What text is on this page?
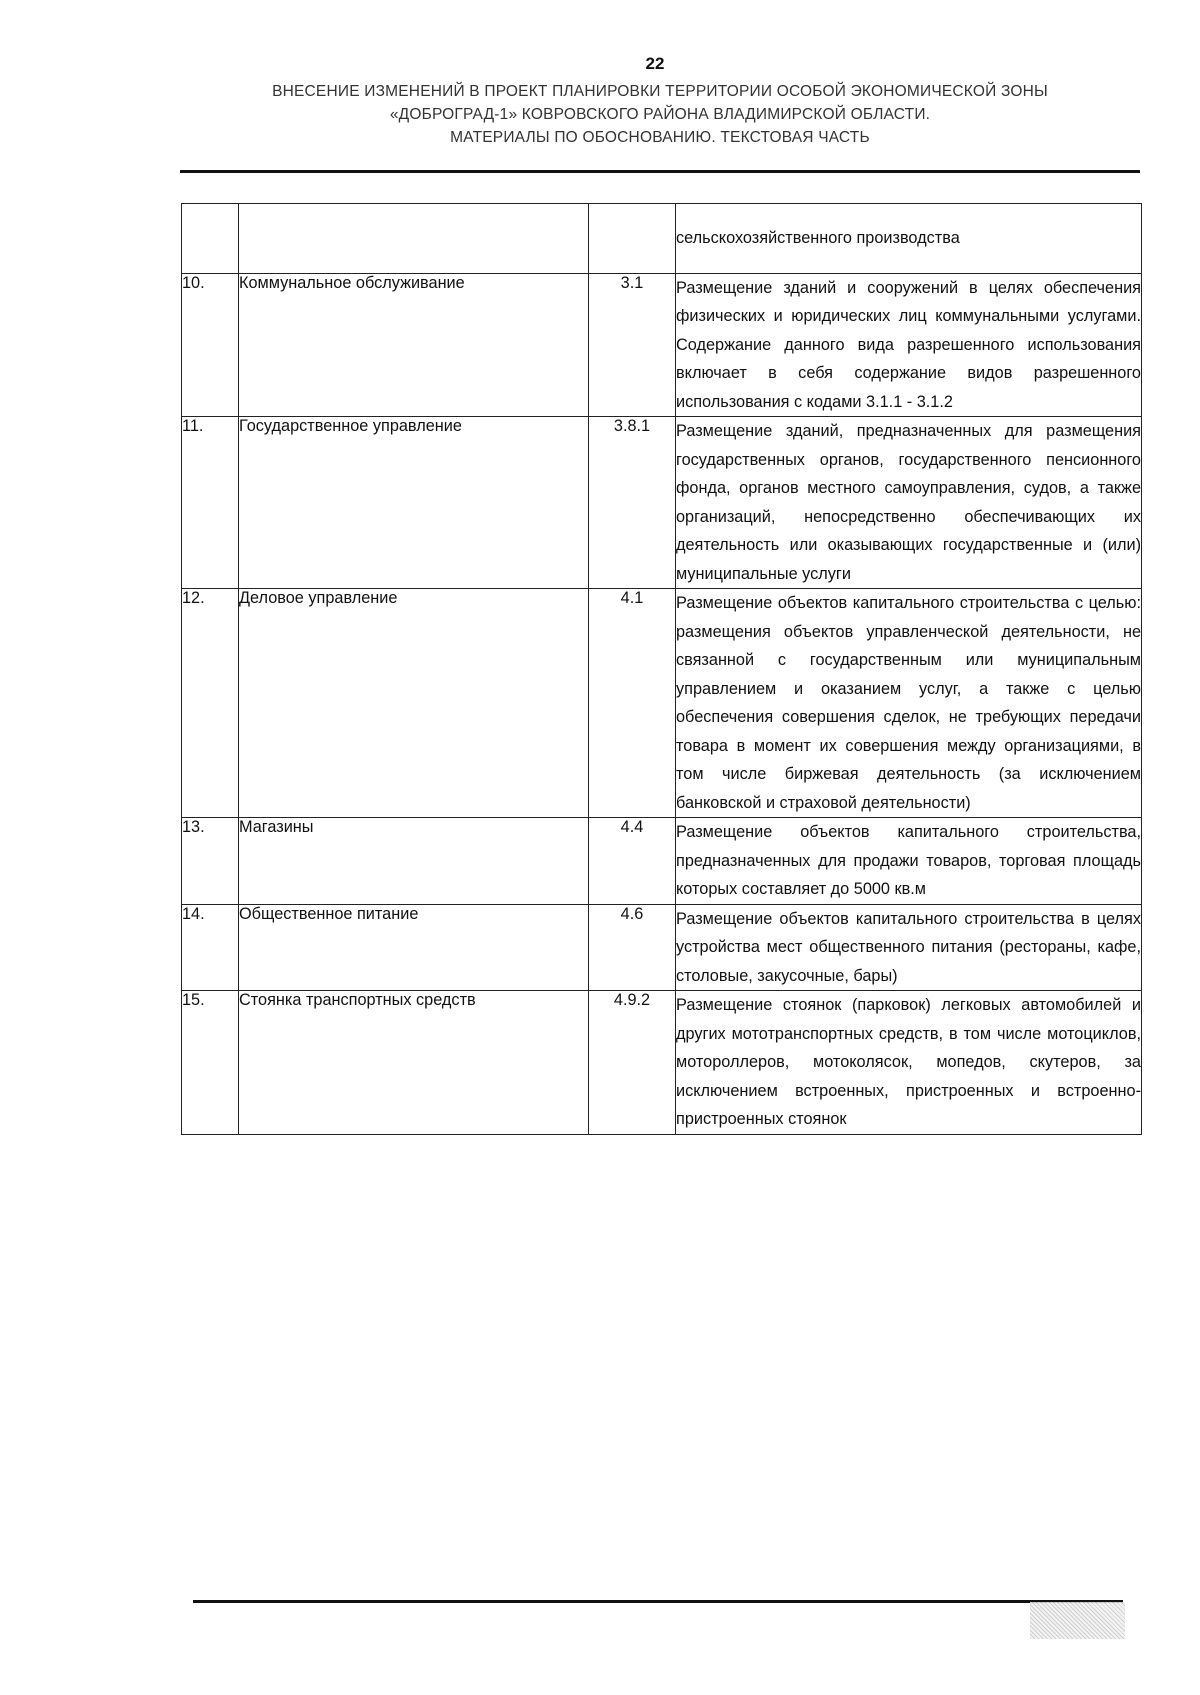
22
ВНЕСЕНИЕ ИЗМЕНЕНИЙ В ПРОЕКТ ПЛАНИРОВКИ ТЕРРИТОРИИ ОСОБОЙ ЭКОНОМИЧЕСКОЙ ЗОНЫ
«ДОБРОГРАД-1» КОВРОВСКОГО РАЙОНА ВЛАДИМИРСКОЙ ОБЛАСТИ.
МАТЕРИАЛЫ ПО ОБОСНОВАНИЮ. ТЕКСТОВАЯ ЧАСТЬ
			сельскохозяйственного производства
10.	Коммунальное обслуживание	3.1	Размещение зданий и сооружений в целях обеспечения физических и юридических лиц коммунальными услугами. Содержание данного вида разрешенного использования включает в себя содержание видов разрешенного использования с кодами 3.1.1 - 3.1.2
11.	Государственное управление	3.8.1	Размещение зданий, предназначенных для размещения государственных органов, государственного пенсионного фонда, органов местного самоуправления, судов, а также организаций, непосредственно обеспечивающих их деятельность или оказывающих государственные и (или) муниципальные услуги
12.	Деловое управление	4.1	Размещение объектов капитального строительства с целью: размещения объектов управленческой деятельности, не связанной с государственным или муниципальным управлением и оказанием услуг, а также с целью обеспечения совершения сделок, не требующих передачи товара в момент их совершения между организациями, в том числе биржевая деятельность (за исключением банковской и страховой деятельности)
13.	Магазины	4.4	Размещение объектов капитального строительства, предназначенных для продажи товаров, торговая площадь которых составляет до 5000 кв.м
14.	Общественное питание	4.6	Размещение объектов капитального строительства в целях устройства мест общественного питания (рестораны, кафе, столовые, закусочные, бары)
15.	Стоянка транспортных средств	4.9.2	Размещение стоянок (парковок) легковых автомобилей и других мототранспортных средств, в том числе мотоциклов, мотороллеров, мотоколясок, мопедов, скутеров, за исключением встроенных, пристроенных и встроенно-пристроенных стоянок
